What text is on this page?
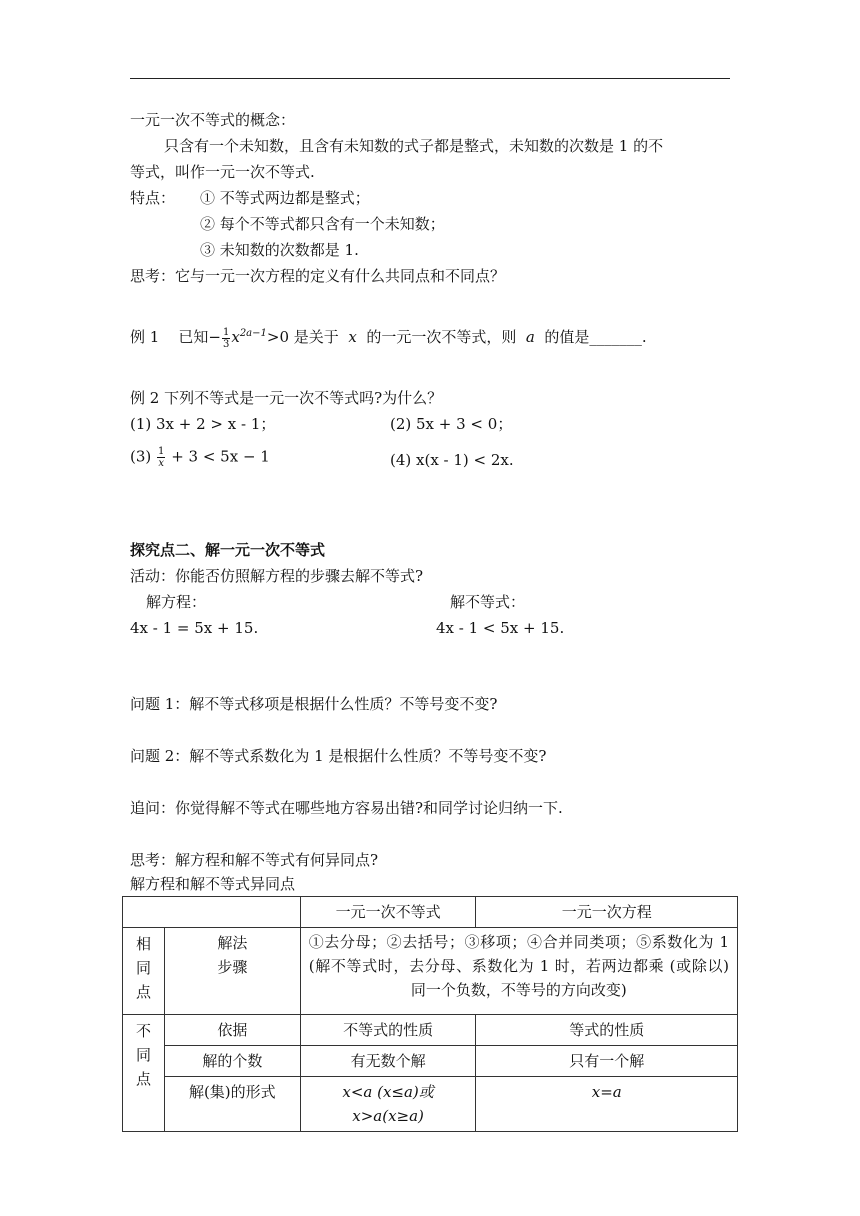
一元一次不等式的概念：
只含有一个未知数，且含有未知数的式子都是整式，未知数的次数是 1 的不
等式，叫作一元一次不等式.
特点： ① 不等式两边都是整式；
② 每个不等式都只含有一个未知数；
③ 未知数的次数都是 1.
思考：它与一元一次方程的定义有什么共同点和不同点？
例 1 已知− $\frac{1}{3} x^{2a-1}>0$ 是关于 x 的一元一次不等式，则 a 的值是_______.
例 2 下列不等式是一元一次不等式吗?为什么？
(1) 3x + 2 > x - 1；	(2) 5x + 3 < 0；
$(3) \frac{1}{x} + 3 < 5x - 1$	(4) x(x - 1) < 2x.
探究点二、解一元一次不等式
活动：你能否仿照解方程的步骤去解不等式?
解方程：	解不等式：
4x - 1 = 5x + 15.	4x - 1 < 5x + 15.
问题 1：解不等式移项是根据什么性质？不等号变不变?
问题 2：解不等式系数化为 1 是根据什么性质？不等号变不变?
追问：你觉得解不等式在哪些地方容易出错?和同学讨论归纳一下.
思考：解方程和解不等式有何异同点?
解方程和解不等式异同点
		一元一次不等式	一元一次方程
相
同
点	解法
步骤	①去分母；②去括号；③移项；④合并同类项；⑤系数化为 1 (解不等式时，去分母、系数化为 1 时，若两边都乘 (或除以) 同一个负数，不等号的方向改变)	
不
同
点	依据	不等式的性质	等式的性质
	解的个数	有无数个解	只有一个解
	解(集)的形式	x<a (x≤a)或 x>a(x≥a)	x=a
